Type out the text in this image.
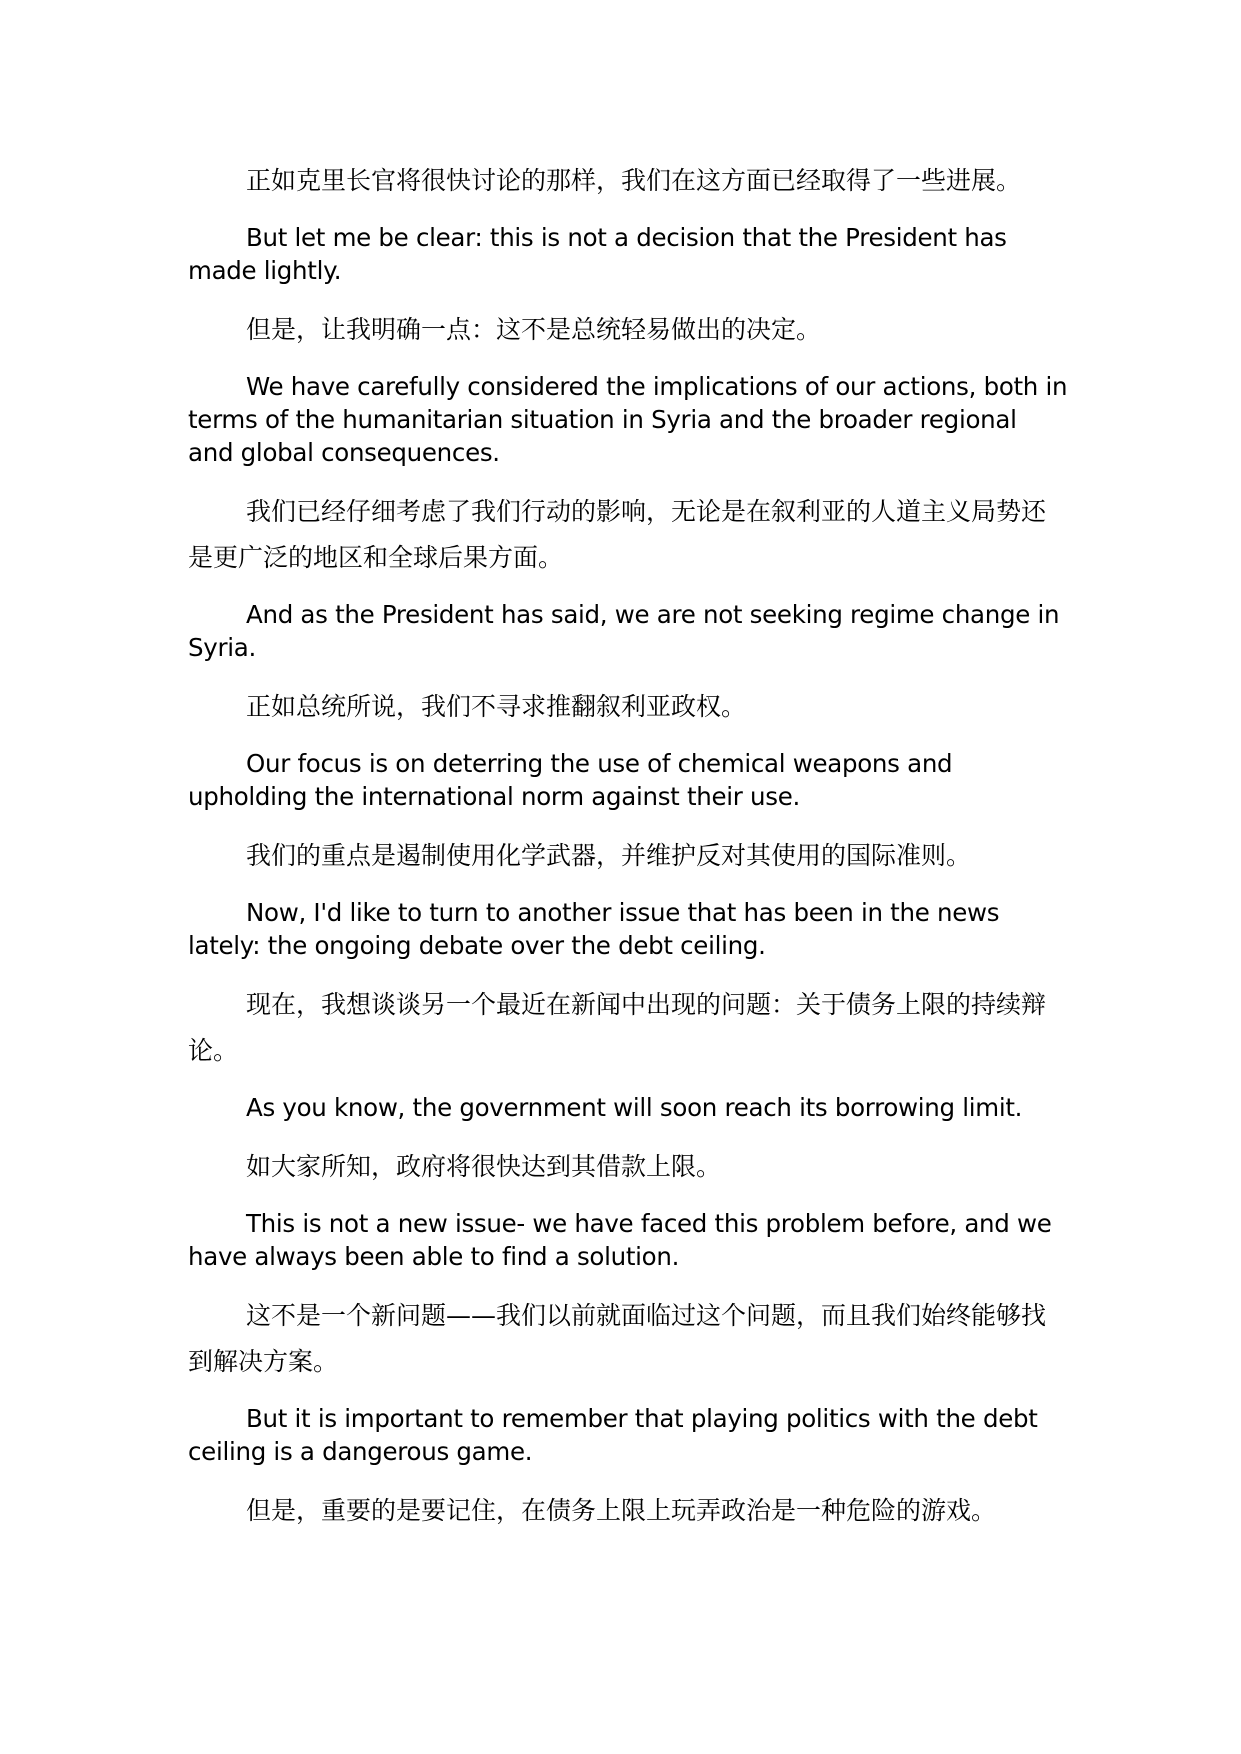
正如克里长官将很快讨论的那样，我们在这方面已经取得了一些进展。

But let me be clear: this is not a decision that the President has made lightly.

但是，让我明确一点：这不是总统轻易做出的决定。

We have carefully considered the implications of our actions, both in terms of the humanitarian situation in Syria and the broader regional and global consequences.

我们已经仔细考虑了我们行动的影响，无论是在叙利亚的人道主义局势还是更广泛的地区和全球后果方面。

And as the President has said, we are not seeking regime change in Syria.

正如总统所说，我们不寻求推翻叙利亚政权。

Our focus is on deterring the use of chemical weapons and upholding the international norm against their use.

我们的重点是遏制使用化学武器，并维护反对其使用的国际准则。

Now, I'd like to turn to another issue that has been in the news lately: the ongoing debate over the debt ceiling.

现在，我想谈谈另一个最近在新闻中出现的问题：关于债务上限的持续辩论。

As you know, the government will soon reach its borrowing limit.

如大家所知，政府将很快达到其借款上限。

This is not a new issue- we have faced this problem before, and we have always been able to find a solution.

这不是一个新问题——我们以前就面临过这个问题，而且我们始终能够找到解决方案。

But it is important to remember that playing politics with the debt ceiling is a dangerous game.

但是，重要的是要记住，在债务上限上玩弄政治是一种危险的游戏。
